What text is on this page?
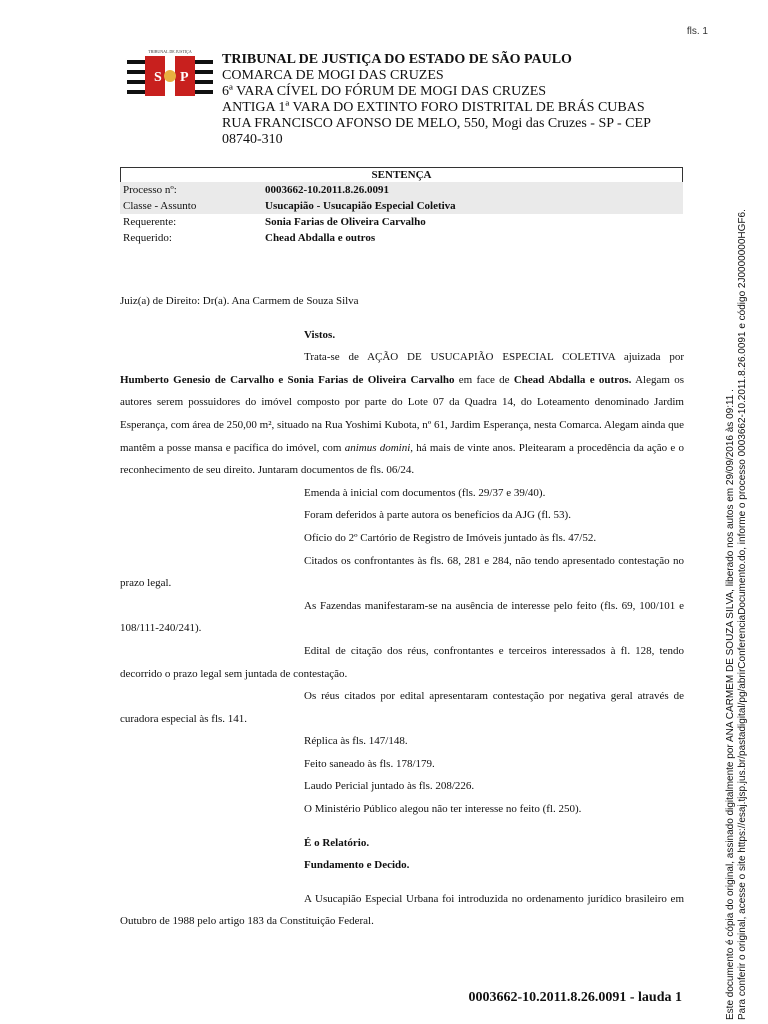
fls. 1
S P
TRIBUNAL DE JUSTIÇA
TRIBUNAL DE JUSTIÇA DO ESTADO DE SÃO PAULO
COMARCA DE MOGI DAS CRUZES
6ª VARA CÍVEL DO FÓRUM DE MOGI DAS CRUZES
ANTIGA 1ª VARA DO EXTINTO FORO DISTRITAL DE BRÁS CUBAS
RUA FRANCISCO AFONSO DE MELO, 550, Mogi das Cruzes - SP - CEP 08740-310
SENTENÇA
Processo nº:	0003662-10.2011.8.26.0091
Classe - Assunto	Usucapião - Usucapião Especial Coletiva
Requerente:	Sonia Farias de Oliveira Carvalho
Requerido:	Chead Abdalla e outros

Juiz(a) de Direito: Dr(a). Ana Carmem de Souza Silva

Vistos.

Trata-se de AÇÃO DE USUCAPIÃO ESPECIAL COLETIVA ajuizada por Humberto Genesio de Carvalho e Sonia Farias de Oliveira Carvalho em face de Chead Abdalla e outros. Alegam os autores serem possuidores do imóvel composto por parte do Lote 07 da Quadra 14, do Loteamento denominado Jardim Esperança, com área de 250,00 m², situado na Rua Yoshimi Kubota, nº 61, Jardim Esperança, nesta Comarca. Alegam ainda que mantêm a posse mansa e pacífica do imóvel, com animus domini, há mais de vinte anos. Pleitearam a procedência da ação e o reconhecimento de seu direito. Juntaram documentos de fls. 06/24.

Emenda à inicial com documentos (fls. 29/37 e 39/40).

Foram deferidos à parte autora os benefícios da AJG (fl. 53).

Ofício do 2º Cartório de Registro de Imóveis juntado às fls. 47/52.

Citados os confrontantes às fls. 68, 281 e 284, não tendo apresentado contestação no prazo legal.

As Fazendas manifestaram-se na ausência de interesse pelo feito (fls. 69, 100/101 e 108/111-240/241).

Edital de citação dos réus, confrontantes e terceiros interessados à fl. 128, tendo decorrido o prazo legal sem juntada de contestação.

Os réus citados por edital apresentaram contestação por negativa geral através de curadora especial às fls. 141.

Réplica às fls. 147/148.

Feito saneado às fls. 178/179.

Laudo Pericial juntado às fls. 208/226.

O Ministério Público alegou não ter interesse no feito (fl. 250).

É o Relatório.

Fundamento e Decido.

A Usucapião Especial Urbana foi introduzida no ordenamento jurídico brasileiro em Outubro de 1988 pelo artigo 183 da Constituição Federal.

0003662-10.2011.8.26.0091 - lauda 1	Este documento é cópia do original, assinado digitalmente por ANA CARMEM DE SOUZA SILVA, liberado nos autos em 29/09/2016 às 09:11 . Para conferir o original, acesse o site https://esaj.tjsp.jus.br/pastadigital/pg/abrirConferenciaDocumento.do, informe o processo 0003662-10.2011.8.26.0091 e código 2J0000000HGF6.
